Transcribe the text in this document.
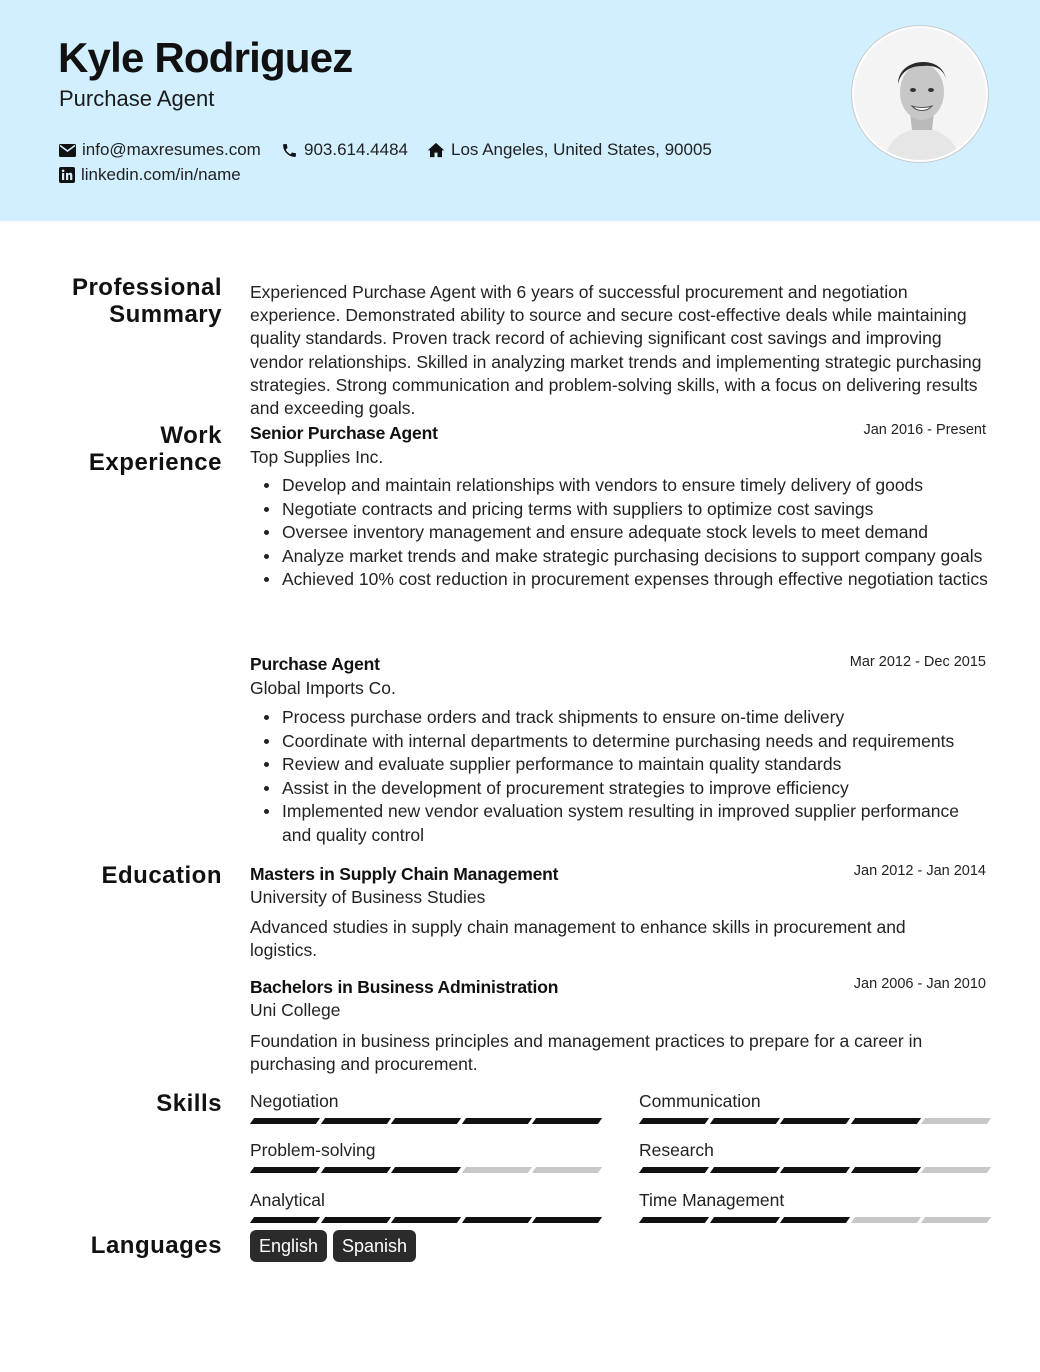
Kyle Rodriguez
Purchase Agent
info@maxresumes.com	903.614.4484	Los Angeles, United States, 90005
linkedin.com/in/name
Professional Summary
Work Experience
Education
Skills
Languages
Experienced Purchase Agent with 6 years of successful procurement and negotiation experience. Demonstrated ability to source and secure cost-effective deals while maintaining quality standards. Proven track record of achieving significant cost savings and improving vendor relationships. Skilled in analyzing market trends and implementing strategic purchasing strategies. Strong communication and problem-solving skills, with a focus on delivering results and exceeding goals.
Senior Purchase Agent	Jan 2016 - Present
Top Supplies Inc.
Develop and maintain relationships with vendors to ensure timely delivery of goods
Negotiate contracts and pricing terms with suppliers to optimize cost savings
Oversee inventory management and ensure adequate stock levels to meet demand
Analyze market trends and make strategic purchasing decisions to support company goals
Achieved 10% cost reduction in procurement expenses through effective negotiation tactics
Purchase Agent	Mar 2012 - Dec 2015
Global Imports Co.
Process purchase orders and track shipments to ensure on-time delivery
Coordinate with internal departments to determine purchasing needs and requirements
Review and evaluate supplier performance to maintain quality standards
Assist in the development of procurement strategies to improve efficiency
Implemented new vendor evaluation system resulting in improved supplier performance and quality control
Masters in Supply Chain Management	Jan 2012 - Jan 2014
University of Business Studies
Advanced studies in supply chain management to enhance skills in procurement and logistics.
Bachelors in Business Administration	Jan 2006 - Jan 2010
Uni College
Foundation in business principles and management practices to prepare for a career in purchasing and procurement.
Negotiation	Communication
Problem-solving	Research
Analytical	Time Management
English	Spanish
